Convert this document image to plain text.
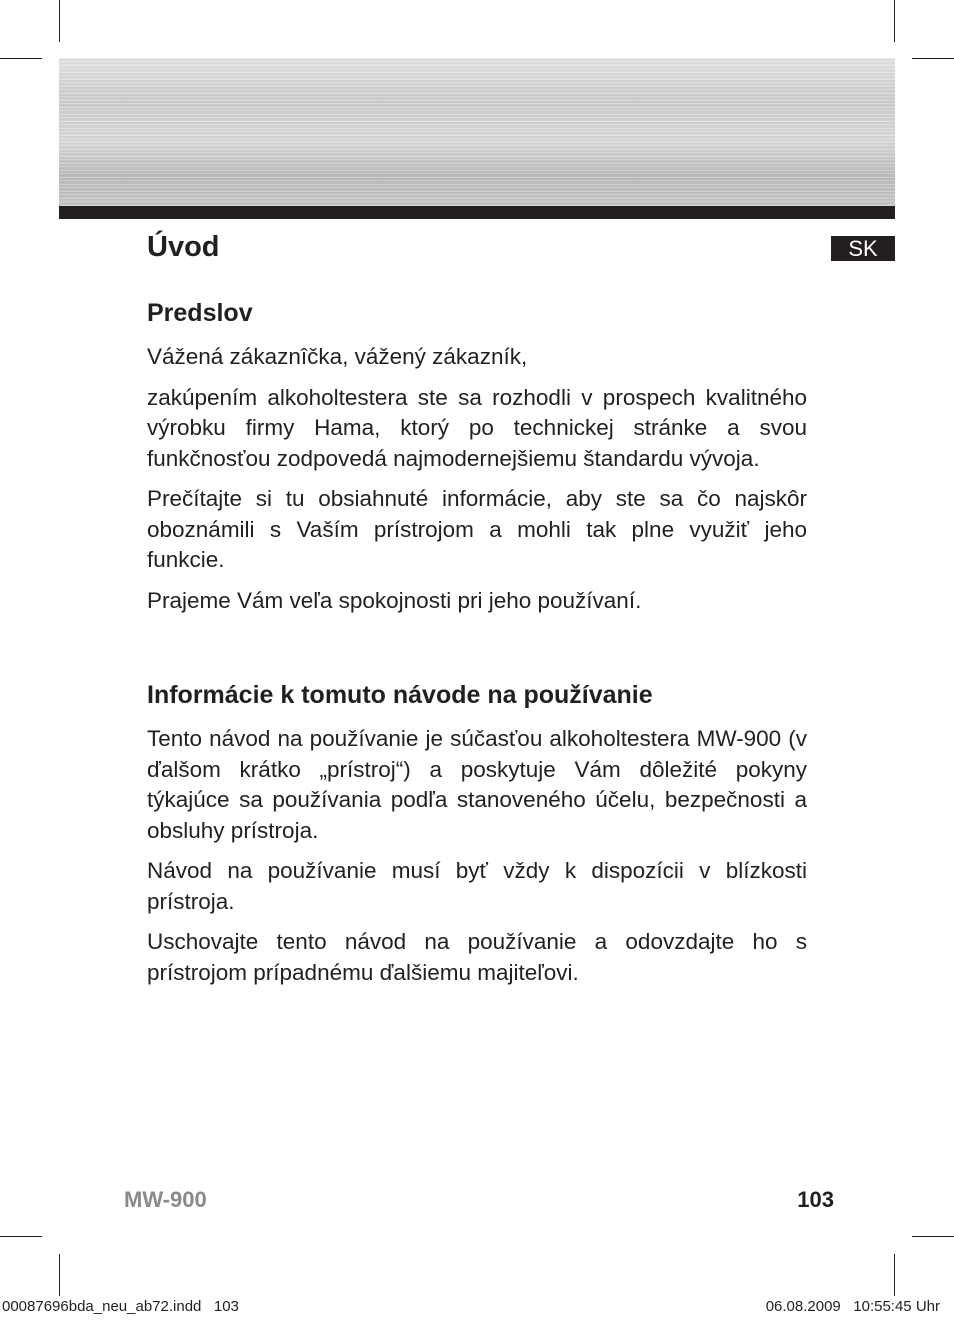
SK
Úvod
Predslov

Vážená zákaznîčka, vážený zákazník,

zakúpením alkoholtestera ste sa rozhodli v prospech kvalitného výrobku firmy Hama, ktorý po technickej stránke a svou funkčnosťou zodpovedá najmodernejšiemu štandardu vývoja.

Prečítajte si tu obsiahnuté informácie, aby ste sa čo najskôr oboznámili s Vaším prístrojom a mohli tak plne využiť jeho funkcie.

Prajeme Vám veľa spokojnosti pri jeho používaní.

Informácie k tomuto návode na používanie

Tento návod na používanie je súčasťou alkoholtestera MW-900 (v ďalšom krátko „prístroj“) a poskytuje Vám dôležité pokyny týkajúce sa používania podľa stanoveného účelu, bezpečnosti a obsluhy prístroja.

Návod na používanie musí byť vždy k dispozícii v blízkosti prístroja.

Uschovajte tento návod na používanie a odovzdajte ho s prístrojom prípadnému ďalšiemu majiteľovi.

MW-900	103
00087696bda_neu_ab72.indd   103	06.08.2009   10:55:45 Uhr
